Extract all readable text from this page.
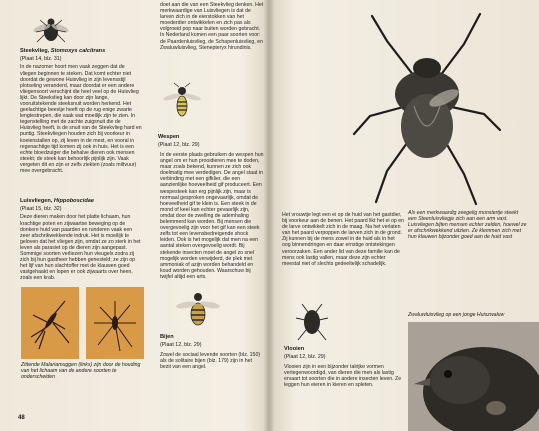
Steekvlieg, Stomoxys calcitrans

(Plaat 14, blz. 31)

In de nazomer hoort men vaak zeggen dat de vliegen beginnen te steken. Dat komt echter niet doordat de gewone Huisvlieg in zijn levensstijl plotseling veranderd, maar doordat er een andere vliegensoort verschijnt die heel veel op de Huisvlieg lijkt. De Steekvlieg kan door zijn lange, vooruitstekende steeksnuit worden herkend. Het geelachtige beestje heeft op de rug enige zwarte lengtestrepen, die vaak wat moeilijk zijn te zien. In tegenstelling met de zachte zuigsnuit die de Huisvlieg heeft, is de snuit van de Steekvlieg hard en puntig. Steekvliegen houden zich bij voorkeur in koeienstallen op, zij leven in de mest, en vooral in regenachtige tijd komen zij ook in huis. Het is een echte bloedzuiger die behalve dieren ook mensen steekt; de steek kan behoorlijk pijnlijk zijn. Vaak vergeten dit en zijn er zelfs ziekten (zoals miltvuur) mee overgebracht.

Luisvliegen, Hippoboscidae

(Plaat 15, blz. 32)

Deze dieren maken door het platte lichaam, hun krachtige poten en zijwaartse beweging op de donkere huid van paarden en runderen vaak een zeer afschrikwekkende indruk. Het is moeilijk te geloven dat het vliegen zijn, omdat ze zo sterk in het leven als parasiet op de dieren zijn aangepast. Sommige soorten verliezen hun vleugels zodra zij zich bij hun gastheer hebben genesteld; ze zijn op het lijf van hun slachtoffer met de klauwen goed vastgehaakt en lopen er ook zijwaarts over heen, zoals een krab.

Zittende Malariamuggen (links) zijn door de houding van het lichaam van de andere soorten te onderscheiden
48

Wespen

(Plaat 12, blz. 29)

doet aan die van een Steekvlieg denken. Het merkwaardige van Luisvliegen is dat de larven zich in de eierstokken van het moederdier ontwikkelen en zich pas als volgroeid pop naar buiten worden gebracht. In Nederland komen een paar soorten voor: de Paardenluisvlieg, de Schapenluisvlieg, en Zwaluwluisvlieg, Stenepteryx hirundinis.

In de eerste plaats gebruiken de wespen hun angel om er hun prooidieren mee te doden, maar zoals bekend, kunnen ze zich ook doelmatig mee verdedigen. De angel staat in verbinding met een gifklier, die een aanzienlijke hoeveelheid gif produceert. Een wespesteek kan erg pijnlijk zijn, maar is normaal gesproken ongevaarlijk, omdat de hoeveelheid gif te klein is. Een steek in de mond of keel kan echter gevaarlijk zijn, omdat door de zwelling de ademhaling belemmerd kan worden. Bij mensen die overgevoelig zijn voor het gif kan een steek zelfs tot een levensbedreigende shock leiden. Ook is het mogelijk dat men na een aantal steken overgevoelig wordt. Bij stekende insecten moet de angel zo snel mogelijk worden verwijderd, de plek met ammoniak of azijn worden behandeld en koud worden gehouden. Waarschuw bij twijfel altijd een arts.

Bijen

(Plaat 12, blz. 29)

Zowel de sociaal levende soorten (blz. 150) als de solitaire bijen (blz. 179) zijn in het bezit van een angel.

Het vrouwtje legt een ei op de huid van het gastdier, bij voorkeur aan de benen. Het paard likt het ei op en de larve ontwikkelt zich in de maag. Na het verlaten van het paard verpoppen de larven zich in de grond. Zij kunnen bij de mens zowel in de huid als in het oog binnendringen en daar ernstige ontstekingen veroorzaken. Een ander lid van deze familie kan de mens ook lastig vallen, maar deze zijn echter meestal niet of slechts gedeeltelijk schadelijk.

Als een merkwaardig zeegelig monstertje steekt een Steenluisvliegje zich aan een arm vast. Luisvliegen bijten mensen echter zelden, hoewel ze er afschrikwekkend uitzien. Ze klemmen zich met hun klauwen bijzonder goed aan de huid vast

Vlooien

(Plaat 12, blz. 29)

Vlooien zijn in een bijzonder talrijke vormen vertegenwoordigd, van dieren die men als lastig ervaart tot soorten die in andere insecten leven. Ze leggen hun eieren in kieren en spleten.

Zwaluwluisvlieg op een jonge Huiszwaluw
